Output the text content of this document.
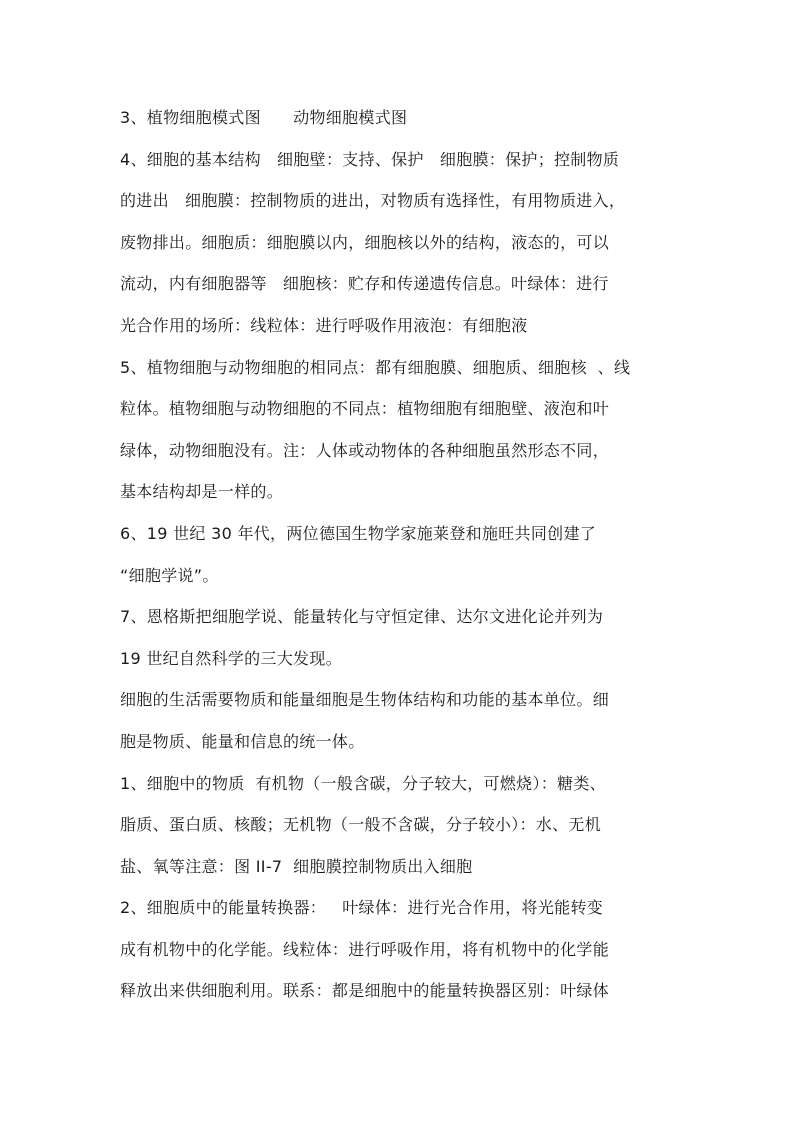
3、植物细胞模式图      动物细胞模式图
4、细胞的基本结构   细胞壁：支持、保护   细胞膜：保护；控制物质
的进出   细胞膜：控制物质的进出，对物质有选择性，有用物质进入，
废物排出。细胞质：细胞膜以内，细胞核以外的结构，液态的，可以
流动，内有细胞器等   细胞核：贮存和传递遗传信息。叶绿体：进行
光合作用的场所：线粒体：进行呼吸作用液泡：有细胞液
5、植物细胞与动物细胞的相同点：都有细胞膜、细胞质、细胞核  、线
粒体。植物细胞与动物细胞的不同点：植物细胞有细胞壁、液泡和叶
绿体，动物细胞没有。注：人体或动物体的各种细胞虽然形态不同，
基本结构却是一样的。
6、19 世纪 30 年代，两位德国生物学家施莱登和施旺共同创建了
“细胞学说”。
7、恩格斯把细胞学说、能量转化与守恒定律、达尔文进化论并列为
19 世纪自然科学的三大发现。
细胞的生活需要物质和能量细胞是生物体结构和功能的基本单位。细
胞是物质、能量和信息的统一体。
1、细胞中的物质  有机物（一般含碳，分子较大，可燃烧）：糖类、
脂质、蛋白质、核酸；无机物（一般不含碳，分子较小）：水、无机
盐、氧等注意：图 II-7  细胞膜控制物质出入细胞
2、细胞质中的能量转换器：   叶绿体：进行光合作用，将光能转变
成有机物中的化学能。线粒体：进行呼吸作用，将有机物中的化学能
释放出来供细胞利用。联系：都是细胞中的能量转换器区别：叶绿体
